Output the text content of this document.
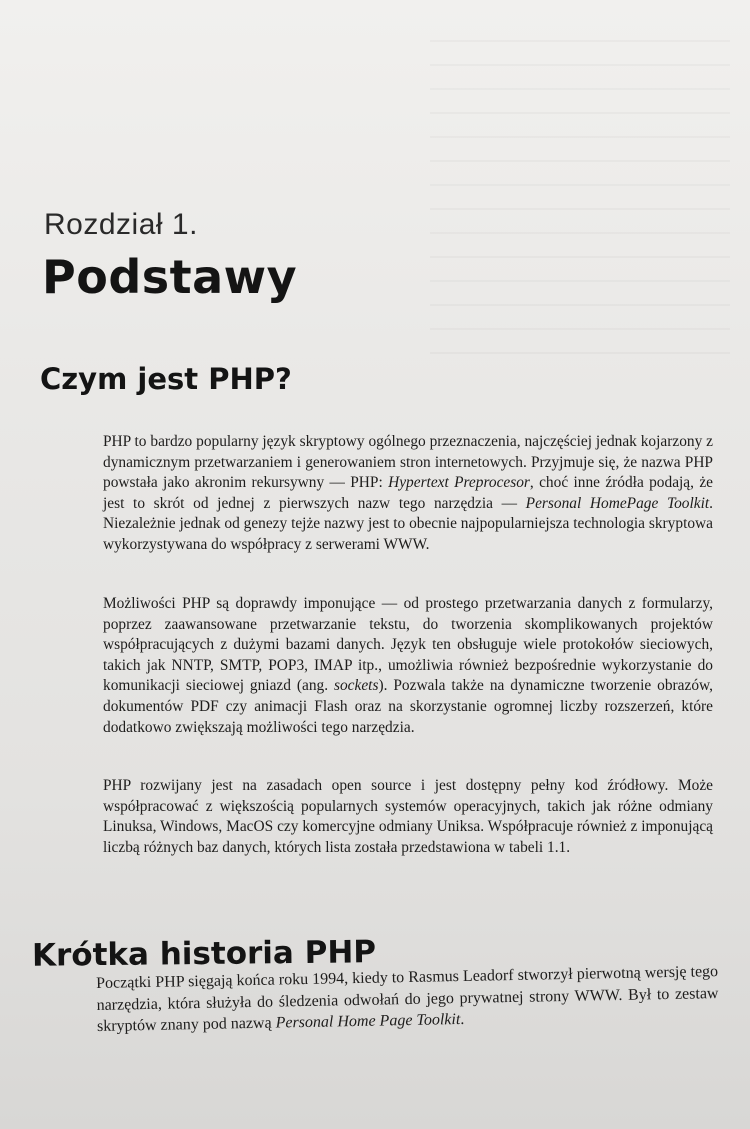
Rozdział 1.
Podstawy
Czym jest PHP?

PHP to bardzo popularny język skryptowy ogólnego przeznaczenia, najczęściej jednak kojarzony z dynamicznym przetwarzaniem i generowaniem stron internetowych. Przyjmuje się, że nazwa PHP powstała jako akronim rekursywny — PHP: Hypertext Preprocesor, choć inne źródła podają, że jest to skrót od jednej z pierwszych nazw tego narzędzia — Personal HomePage Toolkit. Niezależnie jednak od genezy tejże nazwy jest to obecnie najpopularniejsza technologia skryptowa wykorzystywana do współpracy z serwerami WWW.

Możliwości PHP są doprawdy imponujące — od prostego przetwarzania danych z formularzy, poprzez zaawansowane przetwarzanie tekstu, do tworzenia skomplikowanych projektów współpracujących z dużymi bazami danych. Język ten obsługuje wiele protokołów sieciowych, takich jak NNTP, SMTP, POP3, IMAP itp., umożliwia również bezpośrednie wykorzystanie do komunikacji sieciowej gniazd (ang. sockets). Pozwala także na dynamiczne tworzenie obrazów, dokumentów PDF czy animacji Flash oraz na skorzystanie ogromnej liczby rozszerzeń, które dodatkowo zwiększają możliwości tego narzędzia.

PHP rozwijany jest na zasadach open source i jest dostępny pełny kod źródłowy. Może współpracować z większością popularnych systemów operacyjnych, takich jak różne odmiany Linuksa, Windows, MacOS czy komercyjne odmiany Uniksa. Współpracuje również z imponującą liczbą różnych baz danych, których lista została przedstawiona w tabeli 1.1.

Krótka historia PHP

Początki PHP sięgają końca roku 1994, kiedy to Rasmus Leadorf stworzył pierwotną wersję tego narzędzia, która służyła do śledzenia odwołań do jego prywatnej strony WWW. Był to zestaw skryptów znany pod nazwą Personal Home Page Toolkit.
